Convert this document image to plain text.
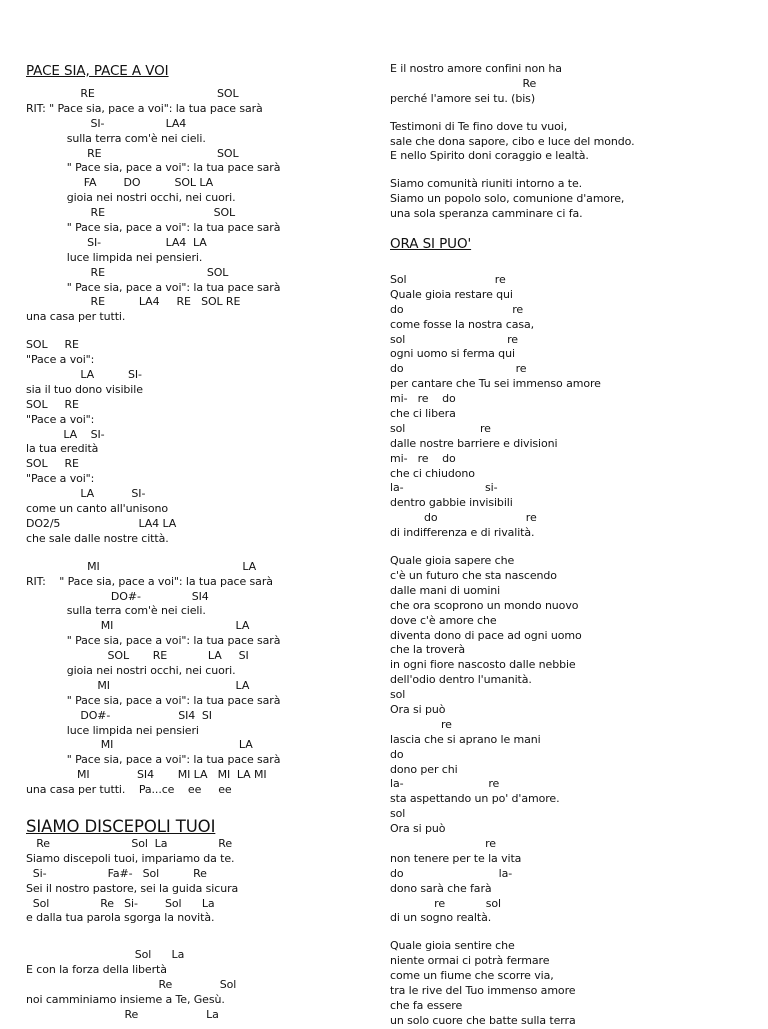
PACE SIA, PACE A VOI
RE                                    SOL
RIT: " Pace sia, pace a voi": la tua pace sarà
SI-                  LA4
sulla terra com'è nei cieli.
RE                                  SOL
" Pace sia, pace a voi": la tua pace sarà
FA        DO          SOL LA
gioia nei nostri occhi, nei cuori.
RE                                SOL
" Pace sia, pace a voi": la tua pace sarà
SI-                   LA4  LA
luce limpida nei pensieri.
RE                              SOL
" Pace sia, pace a voi": la tua pace sarà
RE          LA4     RE   SOL RE
una casa per tutti.
SOL     RE
"Pace a voi":
LA          SI-
sia il tuo dono visibile
SOL     RE
"Pace a voi":
LA    SI-
la tua eredità
SOL     RE
"Pace a voi":
LA           SI-
come un canto all'unisono
DO2/5                       LA4 LA
che sale dalle nostre città.
MI                                          LA
RIT:    " Pace sia, pace a voi": la tua pace sarà
DO#-               SI4
sulla terra com'è nei cieli.
MI                                    LA
" Pace sia, pace a voi": la tua pace sarà
SOL       RE            LA     SI
gioia nei nostri occhi, nei cuori.
MI                                     LA
" Pace sia, pace a voi": la tua pace sarà
DO#-                    SI4  SI
luce limpida nei pensieri
MI                                     LA
" Pace sia, pace a voi": la tua pace sarà
MI              SI4       MI LA   MI  LA MI
una casa per tutti.    Pa...ce    ee     ee
SIAMO DISCEPOLI TUOI
Re                        Sol  La               Re
Siamo discepoli tuoi, impariamo da te.
Si-                  Fa#-   Sol          Re
Sei il nostro pastore, sei la guida sicura
Sol               Re   Si-        Sol      La
e dalla tua parola sgorga la novità.
Sol      La
E con la forza della libertà
Re              Sol
noi camminiamo insieme a Te, Gesù.
Re                    La
E il nostro amore confini non ha
Re
perché l'amore sei tu. (bis)
Testimoni di Te fino dove tu vuoi,
sale che dona sapore, cibo e luce del mondo.
E nello Spirito doni coraggio e lealtà.
Siamo comunità riuniti intorno a te.
Siamo un popolo solo, comunione d'amore,
una sola speranza camminare ci fa.
ORA SI PUO'
Sol                          re
Quale gioia restare qui
do                                re
come fosse la nostra casa,
sol                              re
ogni uomo si ferma qui
do                                 re
per cantare che Tu sei immenso amore
mi-   re    do
che ci libera
sol                      re
dalle nostre barriere e divisioni
mi-   re    do
che ci chiudono
la-                        si-
dentro gabbie invisibili
do                          re
di indifferenza e di rivalità.
Quale gioia sapere che
c'è un futuro che sta nascendo
dalle mani di uomini
che ora scoprono un mondo nuovo
dove c'è amore che
diventa dono di pace ad ogni uomo
che la troverà
in ogni fiore nascosto dalle nebbie
dell'odio dentro l'umanità.
sol
Ora si può
re
lascia che si aprano le mani
do
dono per chi
la-                         re
sta aspettando un po' d'amore.
sol
Ora si può
re
non tenere per te la vita
do                            la-
dono sarà che farà
re            sol
di un sogno realtà.
Quale gioia sentire che
niente ormai ci potrà fermare
come un fiume che scorre via,
tra le rive del Tuo immenso amore
che fa essere
un solo cuore che batte sulla terra
